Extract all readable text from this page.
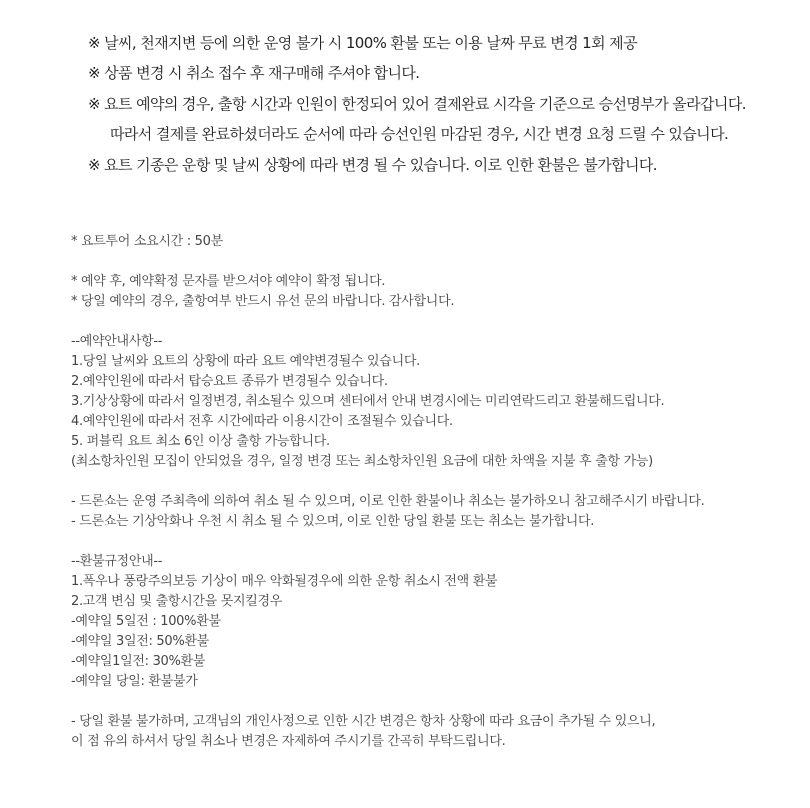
※ 날씨, 천재지변 등에 의한 운영 불가 시 100% 환불 또는 이용 날짜 무료 변경 1회 제공
※ 상품 변경 시 취소 접수 후 재구매해 주셔야 합니다.
※ 요트 예약의 경우, 출항 시간과 인원이 한정되어 있어 결제완료 시각을 기준으로 승선명부가 올라갑니다.
따라서 결제를 완료하셨더라도 순서에 따라 승선인원 마감된 경우, 시간 변경 요청 드릴 수 있습니다.
※ 요트 기종은 운항 및 날씨 상황에 따라 변경 될 수 있습니다. 이로 인한 환불은 불가합니다.
* 요트투어 소요시간 : 50분
* 예약 후, 예약확정 문자를 받으셔야 예약이 확정 됩니다.
* 당일 예약의 경우, 출항여부 반드시 유선 문의 바랍니다. 감사합니다.
--예약안내사항--
1.당일 날씨와 요트의 상황에 따라 요트 예약변경될수 있습니다.
2.예약인원에 따라서 탑승요트 종류가 변경될수 있습니다.
3.기상상황에 따라서 일정변경, 취소될수 있으며 센터에서 안내 변경시에는 미리연락드리고 환불해드립니다.
4.예약인원에 따라서 전후 시간에따라 이용시간이 조절될수 있습니다.
5. 퍼블릭 요트 최소 6인 이상 출항 가능합니다.
(최소항차인원 모집이 안되었을 경우, 일정 변경 또는 최소항차인원 요금에 대한 차액을 지불 후 출항 가능)
- 드론쇼는 운영 주최측에 의하여 취소 될 수 있으며, 이로 인한 환불이나 취소는 불가하오니 참고해주시기 바랍니다.
- 드론쇼는 기상악화나 우천 시 취소 될 수 있으며, 이로 인한 당일 환불 또는 취소는 불가합니다.
--환불규정안내--
1.폭우나 풍랑주의보등 기상이 매우 악화될경우에 의한 운항 취소시 전액 환불
2.고객 변심 및 출항시간을 못지킬경우
-예약일 5일전 : 100%환불
-예약일 3일전: 50%환불
-예약일1일전: 30%환불
-예약일 당일: 환불불가
- 당일 환불 불가하며, 고객님의 개인사정으로 인한 시간 변경은 항차 상황에 따라 요금이 추가될 수 있으니,
이 점 유의 하셔서 당일 취소나 변경은 자제하여 주시기를 간곡히 부탁드립니다.
